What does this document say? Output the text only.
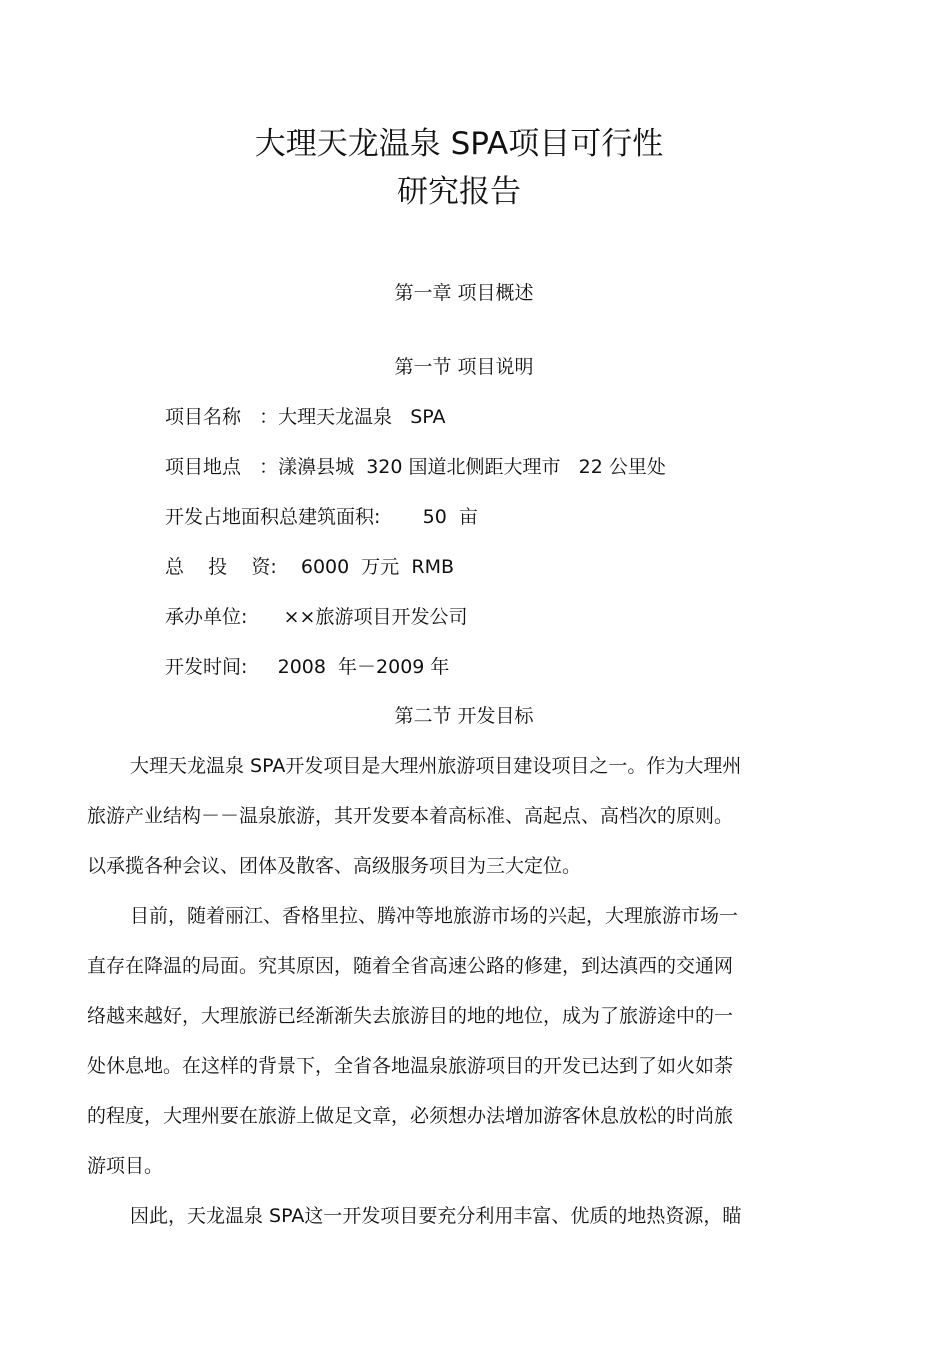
大理天龙温泉 SPA项目可行性
研究报告
第一章 项目概述
第一节 项目说明
项目名称   ：大理天龙温泉   SPA
项目地点   ：漾濞县城  320 国道北侧距大理市   22 公里处
开发占地面积总建筑面积:       50  亩
总    投    资:    6000  万元  RMB
承办单位:      ××旅游项目开发公司
开发时间:     2008  年－2009 年
第二节 开发目标
大理天龙温泉 SPA开发项目是大理州旅游项目建设项目之一。作为大理州
旅游产业结构－－温泉旅游，其开发要本着高标准、高起点、高档次的原则。
以承揽各种会议、团体及散客、高级服务项目为三大定位。
目前，随着丽江、香格里拉、腾冲等地旅游市场的兴起，大理旅游市场一
直存在降温的局面。究其原因，随着全省高速公路的修建，到达滇西的交通网
络越来越好，大理旅游已经渐渐失去旅游目的地的地位，成为了旅游途中的一
处休息地。在这样的背景下，全省各地温泉旅游项目的开发已达到了如火如荼
的程度，大理州要在旅游上做足文章，必须想办法增加游客休息放松的时尚旅
游项目。
因此，天龙温泉 SPA这一开发项目要充分利用丰富、优质的地热资源，瞄
